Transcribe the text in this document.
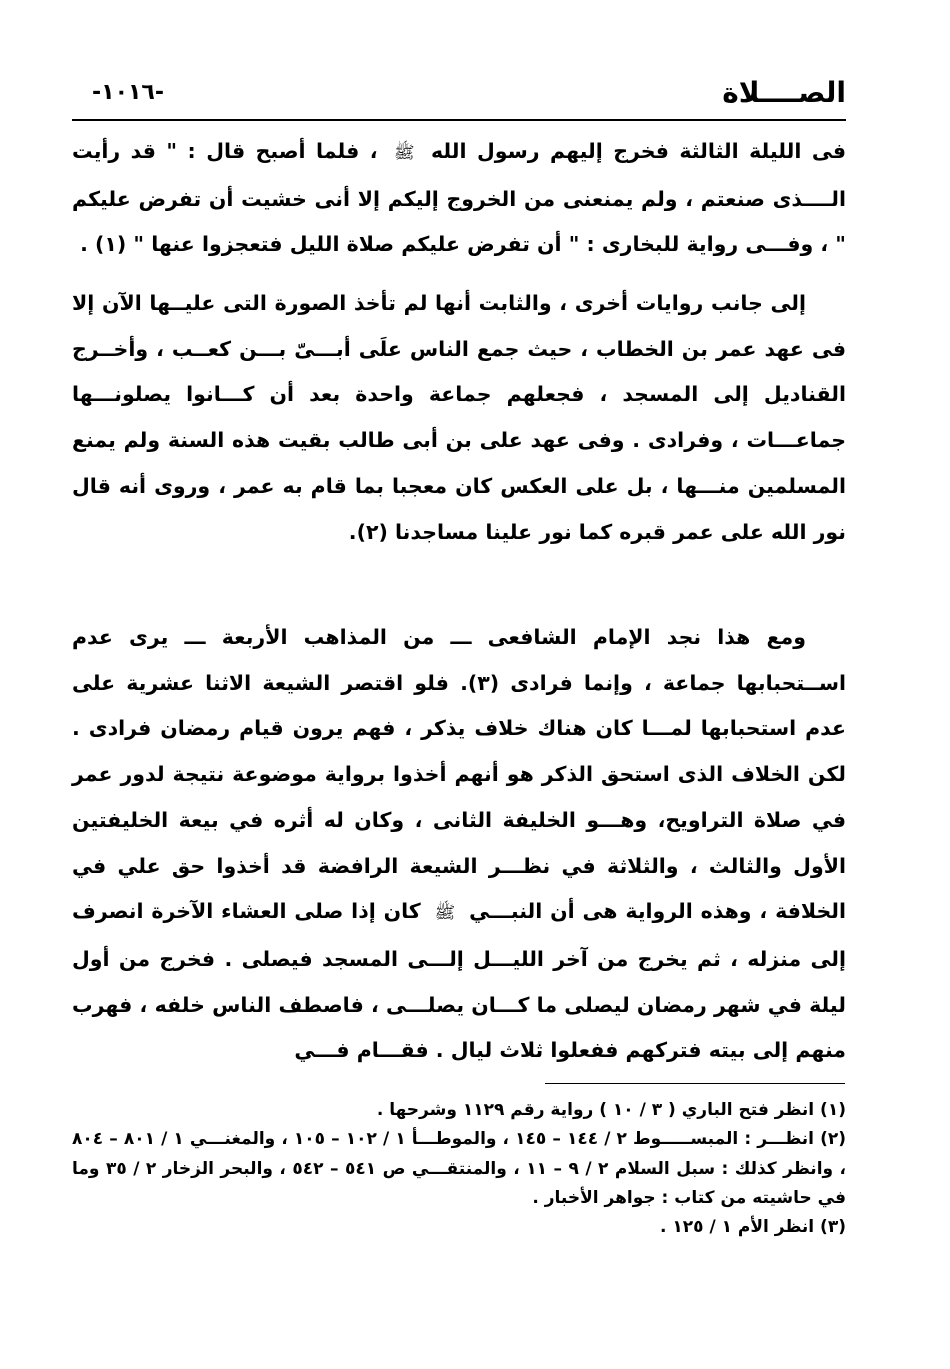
الصــــلاة
-١٠١٦-

فى الليلة الثالثة فخرج إليهم رسول الله ﷺ ، فلما أصبح قال : " قد رأيت الــــذى صنعتم ، ولم يمنعنى من الخروج إليكم إلا أنى خشيت أن تفرض عليكم " ، وفـــى رواية للبخارى : " أن تفرض عليكم صلاة الليل فتعجزوا عنها " (١) .

إلى جانب روايات أخرى ، والثابت أنها لم تأخذ الصورة التى عليــها الآن إلا فى عهد عمر بن الخطاب ، حيث جمع الناس علَى أبـــىّ بـــن كعــب ، وأخــرج القناديل إلى المسجد ، فجعلهم جماعة واحدة بعد أن كـــانوا يصلونـــها جماعـــات ، وفرادى . وفى عهد على بن أبى طالب بقيت هذه السنة ولم يمنع المسلمين منـــها ، بل على العكس كان معجبا بما قام به عمر ، وروى أنه قال نور الله على عمر قبره كما نور علينا مساجدنا (٢).

ومع هذا نجد الإمام الشافعى ـــ من المذاهب الأربعة ـــ يرى عدم اســتحبابها جماعة ، وإنما فرادى (٣). فلو اقتصر الشيعة الاثنا عشرية على عدم استحبابها لمـــا كان هناك خلاف يذكر ، فهم يرون قيام رمضان فرادى . لكن الخلاف الذى استحق الذكر هو أنهم أخذوا برواية موضوعة نتيجة لدور عمر في صلاة التراويح، وهـــو الخليفة الثانى ، وكان له أثره في بيعة الخليفتين الأول والثالث ، والثلاثة في نظـــر الشيعة الرافضة قد أخذوا حق علي في الخلافة ، وهذه الرواية هى أن النبـــي ﷺ كان إذا صلى العشاء الآخرة انصرف إلى منزله ، ثم يخرج من آخر الليـــل إلـــى المسجد فيصلى . فخرج من أول ليلة في شهر رمضان ليصلى ما كـــان يصلـــى ، فاصطف الناس خلفه ، فهرب منهم إلى بيته فتركهم ففعلوا ثلاث ليال . فقـــام فـــي

(١) انظر فتح الباري ( ٣ / ١٠ ) رواية رقم ١١٢٩ وشرحها .

(٢) انظـــر : المبســـــوط ٢ / ١٤٤ – ١٤٥ ، والموطـــأ ١ / ١٠٢ – ١٠٥ ، والمغنـــي ١ / ٨٠١ – ٨٠٤ ، وانظر كذلك : سبل السلام ٢ / ٩ – ١١ ، والمنتقـــي ص ٥٤١ – ٥٤٢ ، والبحر الزخار ٢ / ٣٥ وما في حاشيته من كتاب : جواهر الأخبار .

(٣) انظر الأم ١ / ١٢٥ .
